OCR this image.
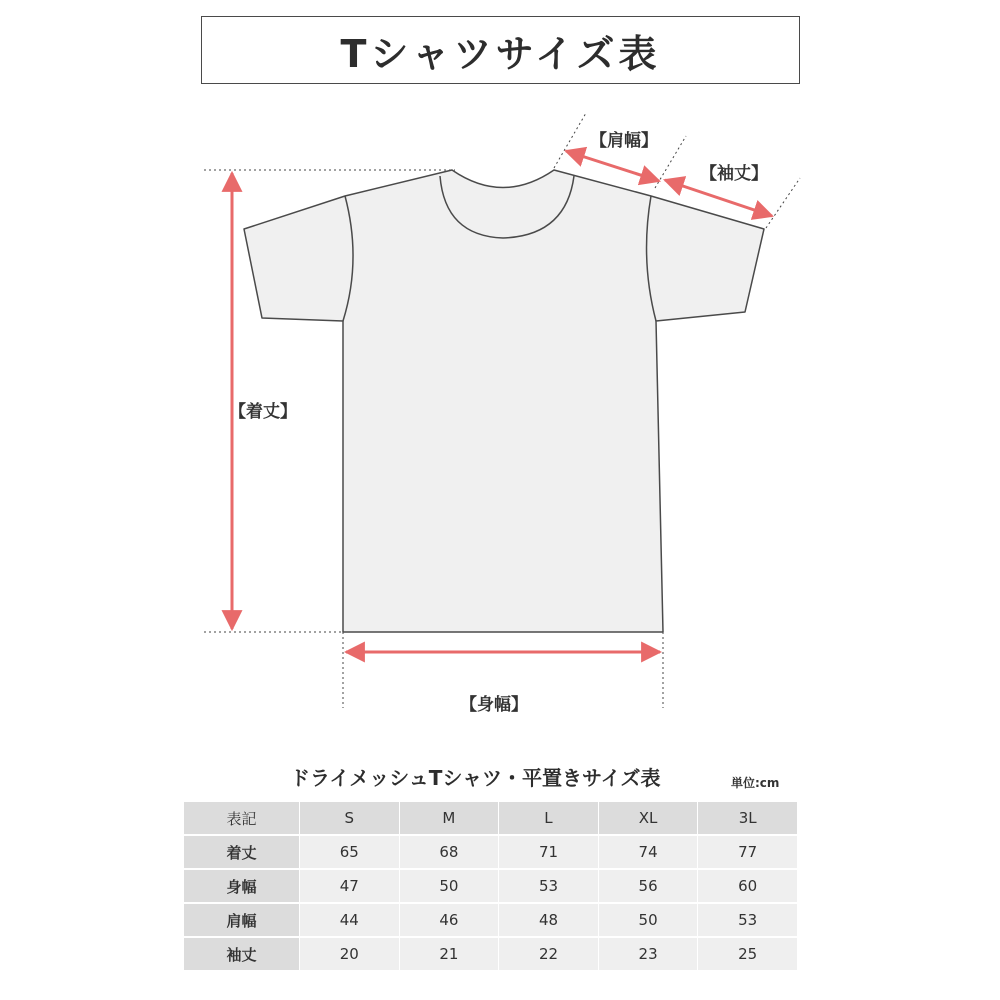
Tシャツサイズ表
【肩幅】
【袖丈】
【着丈】
【身幅】
ドライメッシュTシャツ・平置きサイズ表	単位:cm
表記	S	M	L	XL	3L
着丈	65	68	71	74	77
身幅	47	50	53	56	60
肩幅	44	46	48	50	53
袖丈	20	21	22	23	25
